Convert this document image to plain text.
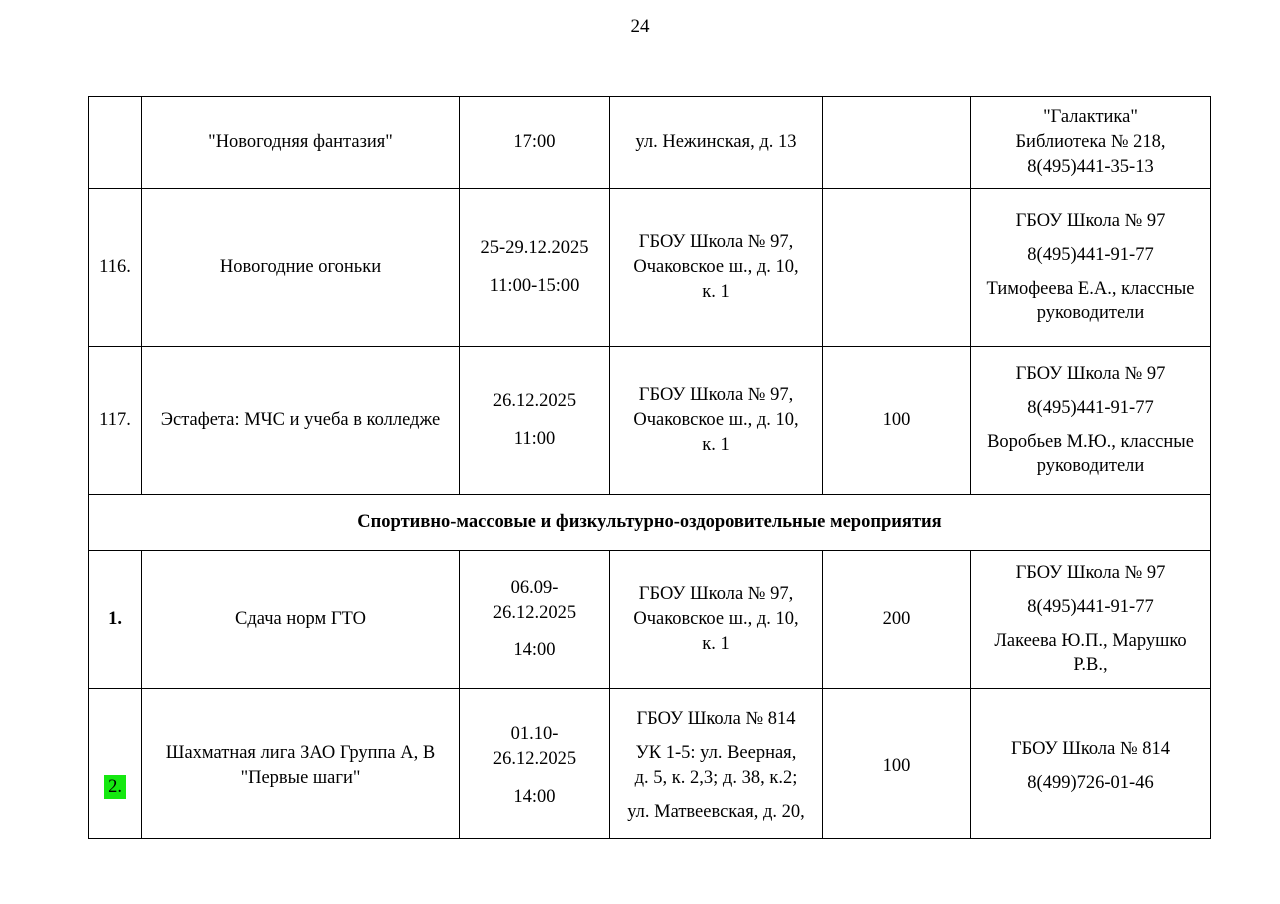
24
	"Новогодняя фантазия"	17:00	ул. Нежинская, д. 13		"Галактика"
Библиотека № 218,
8(495)441-35-13

116.	Новогодние огоньки	25-29.12.2025
11:00-15:00	ГБОУ Школа № 97,
Очаковское ш., д. 10,
к. 1		ГБОУ Школа № 97
8(495)441-91-77
Тимофеева Е.А., классные
руководители

117.	Эстафета: МЧС и учеба в колледже	26.12.2025
11:00	ГБОУ Школа № 97,
Очаковское ш., д. 10,
к. 1	100	ГБОУ Школа № 97
8(495)441-91-77
Воробьев М.Ю., классные
руководители

Спортивно-массовые и физкультурно-оздоровительные мероприятия					
1.	Сдача норм ГТО	06.09-
26.12.2025
14:00	ГБОУ Школа № 97,
Очаковское ш., д. 10,
к. 1	200	ГБОУ Школа № 97
8(495)441-91-77
Лакеева Ю.П., Марушко
Р.В.,

2.	Шахматная лига ЗАО Группа А, В "Первые шаги"	01.10-
26.12.2025
14:00	ГБОУ Школа № 814
УК 1-5: ул. Веерная,
д. 5, к. 2,3; д. 38, к.2;
ул. Матвеевская, д. 20,	100	ГБОУ Школа № 814
8(499)726-01-46
